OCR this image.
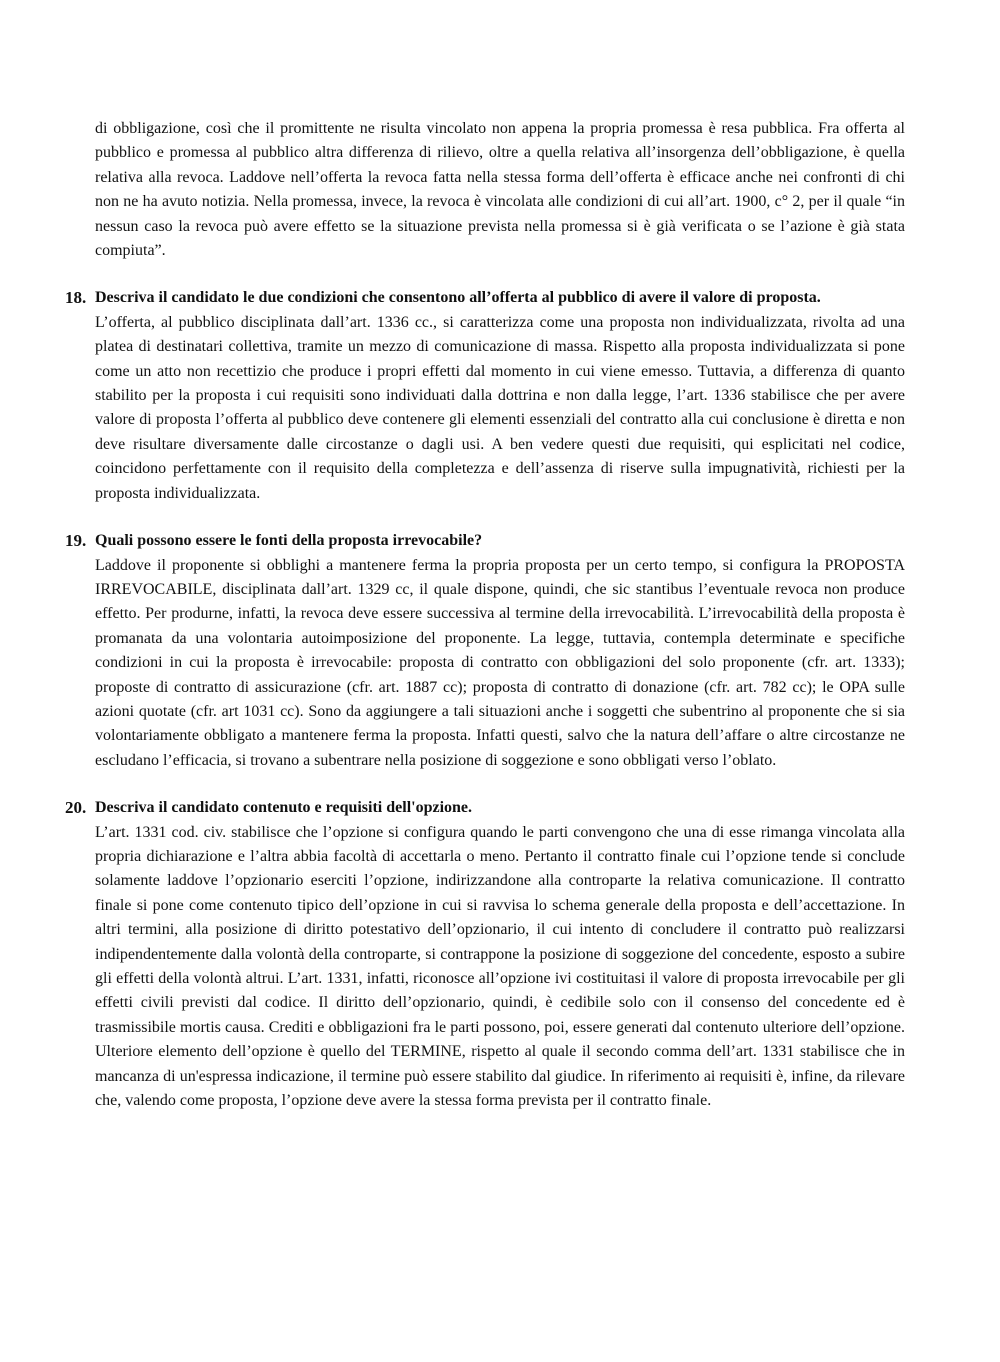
di obbligazione, così che il promittente ne risulta vincolato non appena la propria promessa è resa pubblica. Fra offerta al pubblico e promessa al pubblico altra differenza di rilievo, oltre a quella relativa all’insorgenza dell’obbligazione, è quella relativa alla revoca. Laddove nell’offerta la revoca fatta nella stessa forma dell’offerta è efficace anche nei confronti di chi non ne ha avuto notizia. Nella promessa, invece, la revoca è vincolata alle condizioni di cui all’art. 1900, c° 2, per il quale “in nessun caso la revoca può avere effetto se la situazione prevista nella promessa si è già verificata o se l’azione è già stata compiuta”.

18. Descriva il candidato le due condizioni che consentono all’offerta al pubblico di avere il valore di proposta.

L’offerta, al pubblico disciplinata dall’art. 1336 cc., si caratterizza come una proposta non individualizzata, rivolta ad una platea di destinatari collettiva, tramite un mezzo di comunicazione di massa. Rispetto alla proposta individualizzata si pone come un atto non recettizio che produce i propri effetti dal momento in cui viene emesso. Tuttavia, a differenza di quanto stabilito per la proposta i cui requisiti sono individuati dalla dottrina e non dalla legge, l’art. 1336 stabilisce che per avere valore di proposta l’offerta al pubblico deve contenere gli elementi essenziali del contratto alla cui conclusione è diretta e non deve risultare diversamente dalle circostanze o dagli usi. A ben vedere questi due requisiti, qui esplicitati nel codice, coincidono perfettamente con il requisito della completezza e dell’assenza di riserve sulla impugnatività, richiesti per la proposta individualizzata.

19. Quali possono essere le fonti della proposta irrevocabile?

Laddove il proponente si obblighi a mantenere ferma la propria proposta per un certo tempo, si configura la PROPOSTA IRREVOCABILE, disciplinata dall’art. 1329 cc, il quale dispone, quindi, che sic stantibus l’eventuale revoca non produce effetto. Per produrne, infatti, la revoca deve essere successiva al termine della irrevocabilità. L’irrevocabilità della proposta è promanata da una volontaria autoimposizione del proponente. La legge, tuttavia, contempla determinate e specifiche condizioni in cui la proposta è irrevocabile: proposta di contratto con obbligazioni del solo proponente (cfr. art. 1333); proposte di contratto di assicurazione (cfr. art. 1887 cc); proposta di contratto di donazione (cfr. art. 782 cc); le OPA sulle azioni quotate (cfr. art 1031 cc). Sono da aggiungere a tali situazioni anche i soggetti che subentrino al proponente che si sia volontariamente obbligato a mantenere ferma la proposta. Infatti questi, salvo che la natura dell’affare o altre circostanze ne escludano l’efficacia, si trovano a subentrare nella posizione di soggezione e sono obbligati verso l’oblato.

20. Descriva il candidato contenuto e requisiti dell'opzione.

L’art. 1331 cod. civ. stabilisce che l’opzione si configura quando le parti convengono che una di esse rimanga vincolata alla propria dichiarazione e l’altra abbia facoltà di accettarla o meno. Pertanto il contratto finale cui l’opzione tende si conclude solamente laddove l’opzionario eserciti l’opzione, indirizzandone alla controparte la relativa comunicazione. Il contratto finale si pone come contenuto tipico dell’opzione in cui si ravvisa lo schema generale della proposta e dell’accettazione. In altri termini, alla posizione di diritto potestativo dell’opzionario, il cui intento di concludere il contratto può realizzarsi indipendentemente dalla volontà della controparte, si contrappone la posizione di soggezione del concedente, esposto a subire gli effetti della volontà altrui. L’art. 1331, infatti, riconosce all’opzione ivi costituitasi il valore di proposta irrevocabile per gli effetti civili previsti dal codice. Il diritto dell’opzionario, quindi, è cedibile solo con il consenso del concedente ed è trasmissibile mortis causa. Crediti e obbligazioni fra le parti possono, poi, essere generati dal contenuto ulteriore dell’opzione. Ulteriore elemento dell’opzione è quello del TERMINE, rispetto al quale il secondo comma dell’art. 1331 stabilisce che in mancanza di un'espressa indicazione, il termine può essere stabilito dal giudice. In riferimento ai requisiti è, infine, da rilevare che, valendo come proposta, l’opzione deve avere la stessa forma prevista per il contratto finale.
